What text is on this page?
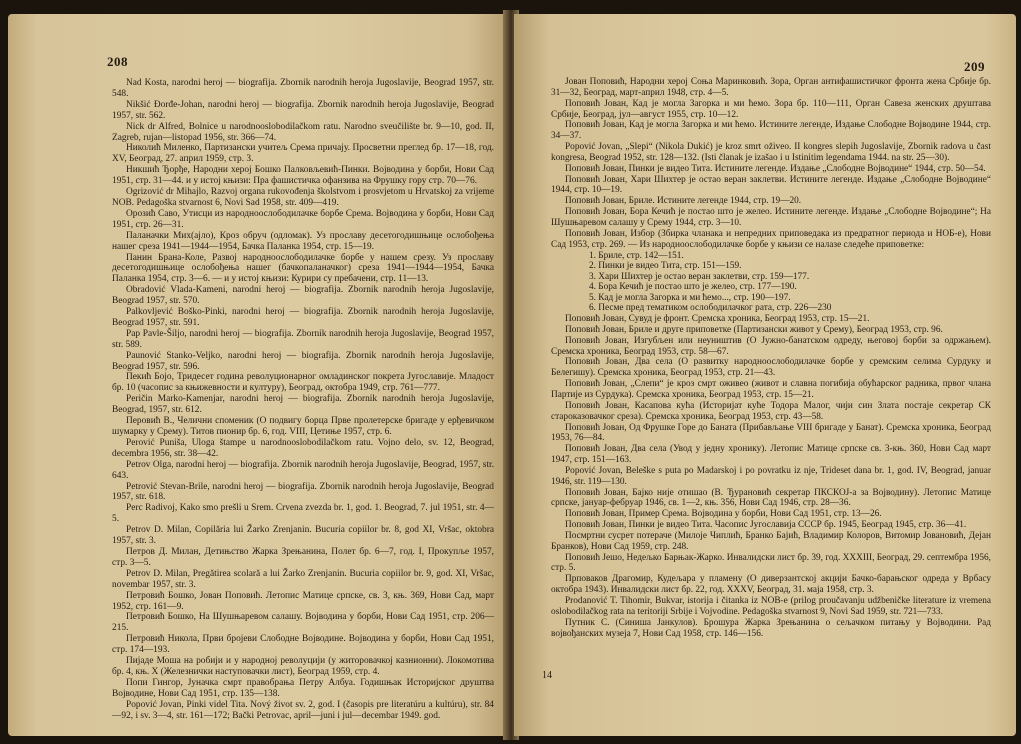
208

Nad Kosta, narodni heroj — biografija. Zbornik narodnih heroja Jugoslavije, Beograd 1957, str. 548.

Nikšić Đorđe-Johan, narodni heroj — biografija. Zbornik narodnih heroja Jugoslavije, Beograd 1957, str. 562.

Nick dr Alfred, Bolnice u narodnooslobodilačkom ratu. Narodno sveučilište br. 9—10, god. II, Zagreb, rujan—listopad 1956, str. 366—74.

Николић Миленко, Партизански учитељ Срема причају. Просветни преглед бр. 17—18, год. XV, Београд, 27. април 1959, стр. 3.

Никшић Ђорђе, Народни херој Бошко Палковљевић-Пинки. Војводина у борби, Нови Сад 1951, стр. 31—44. и у истој књизи: Пра фашистичка офанзива на Фрушку гору стр. 70—76.

Ogrizović dr Mihajlo, Razvoj organa rukovođenja školstvom i prosvjetom u Hrvatskoj za vrijeme NOB. Pedagoška stvarnost 6, Novi Sad 1958, str. 409—419.

Орозић Саво, Утисци из народноослободилачке борбе Срема. Војводина у борби, Нови Сад 1951, стр. 26—31.

Паланачки Мих(ајло), Кроз обруч (одломак). Уз прославу десетогодишњице ослобођења нашег среза 1941—1944—1954, Бачка Паланка 1954, стр. 15—19.

Панин Брана-Коле, Развој народноослободилачке борбе у нашем срезу. Уз прославу десетогодишњице ослобођења нашег (бачкопаланачког) среза 1941—1944—1954, Бачка Паланка 1954, стр. 3—6. — и у истој књизи: Курири су пребачени, стр. 11—13.

Obradović Vlada-Kameni, narodni heroj — biografija. Zbornik narodnih heroja Jugoslavije, Beograd 1957, str. 570.

Palkovljević Boško-Pinki, narodni heroj — biografija. Zbornik narodnih heroja Jugoslavije, Beograd 1957, str. 591.

Pap Pavle-Šiljo, narodni heroj — biografija. Zbornik narodnih heroja Jugoslavije, Beograd 1957, str. 589.

Paunović Stanko-Veljko, narodni heroj — biografija. Zbornik narodnih heroja Jugoslavije, Beograd 1957, str. 596.

Пекић Бојо, Тридесет година револуционарног омладинског покрета Југославије. Младост бр. 10 (часопис за књижевности и културу), Београд, октобра 1949, стр. 761—777.

Peričin Marko-Kamenjar, narodni heroj — biografija. Zbornik narodnih heroja Jugoslavije, Beograd, 1957, str. 612.

Перовић В., Челични споменик (О подвигу борца Прве пролетерске бригаде у ерђевичком шумарку у Срему). Титов пионир бр. 6, год. VIII, Цетиње 1957, стр. 6.

Perović Puniša, Uloga štampe u narodnooslobodilačkom ratu. Vojno delo, sv. 12, Beograd, decembra 1956, str. 38—42.

Petrov Olga, narodni heroj — biografija. Zbornik narodnih heroja Jugoslavije, Beograd, 1957, str. 643.

Petrović Stevan-Brile, narodni heroj — biografija. Zbornik narodnih heroja Jugoslavije, Beograd 1957, str. 618.

Perc Radivoj, Kako smo prešli u Srem. Crvena zvezda br. 1, god. 1. Beograd, 7. jul 1951, str. 4—5.

Petrov D. Milan, Copilăria lui Žarko Zrenjanin. Bucuria copiilor br. 8, god XI, Vršac, oktobra 1957, str. 3.

Петров Д. Милан, Детињство Жарка Зрењанина, Полет бр. 6—7, год. I, Прокупље 1957, стр. 3—5.

Petrov D. Milan, Pregătirea scolară a lui Žarko Zrenjanin. Bucuria copiilor br. 9, god. XI, Vršac, novembar 1957, str. 3.

Петровић Бошко, Јован Поповић. Летопис Матице српске, св. 3, књ. 369, Нови Сад, март 1952, стр. 161—9.

Петровић Бошко, На Шушњаревом салашу. Војводина у борби, Нови Сад 1951, стр. 206—215.

Петровић Никола, Први бројеви Слободне Војводине. Војводина у борби, Нови Сад 1951, стр. 174—193.

Пијаде Моша на робији и у народној револуцији (у житоровачкој казнионни). Локомотива бр. 4, књ. X (Железнички наступовачки лист), Београд 1959, стр. 4.

Попи Гингор, Јуначка смрт правобрања Петру Албуа. Годишњак Историјског друштва Војводине, Нови Сад 1951, стр. 135—138.

Popović Jovan, Pinki videl Tita. Nový život sv. 2, god. I (časopis pre literatúru a kultúru), str. 84—92, i sv. 3—4, str. 161—172; Bački Petrovac, april—juni i jul—decembar 1949. god.

209

Јован Поповић, Народни херој Соња Маринковић. Зора, Орган антифашистичког фронта жена Србије бр. 31—32, Београд, март-април 1948, стр. 4—5.

Поповић Јован, Кад је могла Загорка и ми ћемо. Зора бр. 110—111, Орган Савеза женских друштава Србије, Београд, јул—август 1955, стр. 10—12.

Поповић Јован, Кад је могла Загорка и ми ћемо. Истините легенде, Издање Слободне Војводине 1944, стр. 34—37.

Popović Jovan, „Slepi“ (Nikola Dukić) je kroz smrt oživeo. II kongres slepih Jugoslavije, Zbornik radova u čast kongresa, Beograd 1952, str. 128—132. (Isti članak je izašao i u Istinitim legendama 1944. na str. 25—30).

Поповић Јован, Пинки је видео Тита. Истините легенде. Издање „Слободне Војводине“ 1944, стр. 50—54.

Поповић Јован, Хари Шихтер је остао веран заклетви. Истините легенде. Издање „Слободне Војводине“ 1944, стр. 10—19.

Поповић Јован, Бриле. Истините легенде 1944, стр. 19—20.

Поповић Јован, Бора Кечић је постао што је желео. Истините легенде. Издање „Слободне Војводине“; На Шушњаревом салашу у Срему 1944, стр. 3—10.

Поповић Јован, Избор (Збирка чланака и непредних приповедака из предратног периода и НОБ-е), Нови Сад 1953, стр. 269. — Из народноослободилачке борбе у књизи се налазе следеће приповетке:

1. Бриле, стр. 142—151.

2. Пинки је видео Тита, стр. 151—159.

3. Хари Шихтер је остао веран заклетви, стр. 159—177.

4. Бора Кечић је постао што је желео, стр. 177—190.

5. Кад је могла Загорка и ми ћемо..., стр. 190—197.

6. Песме пред тематиком ослободилачког рата, стр. 226—230

Поповић Јован, Сувуд је фронт. Сремска хроника, Београд 1953, стр. 15—21.

Поповић Јован, Бриле и друге приповетке (Партизански живот у Срему), Београд 1953, стр. 96.

Поповић Јован, Изгубљен или неуништив (О Јужно-банатском одреду, његовој борби за одржањем). Сремска хроника, Београд 1953, стр. 58—67.

Поповић Јован, Два села (О развитку народноослободилачке борбе у сремским селима Сурдуку и Белегишу). Сремска хроника, Београд 1953, стр. 21—43.

Поповић Јован, „Слепи“ је кроз смрт оживео (живот и славна погибија обућарског радника, првог члана Партије из Сурдука). Сремска хроника, Београд 1953, стр. 15—21.

Поповић Јован, Касапова кућа (Историјат куће Тодора Малог, чији син Злата постаје секретар СК староказовачког среза). Сремска хроника, Београд 1953, стр. 43—58.

Поповић Јован, Од Фрушке Горе до Баната (Прибављање VIII бригаде у Банат). Сремска хроника, Београд 1953, 76—84.

Поповић Јован, Два села (Увод у једну хронику). Летопис Матице српске св. 3-књ. 360, Нови Сад март 1947, стр. 151—163.

Popović Jovan, Beleške s puta po Madarskoj i po povratku iz nje, Trideset dana br. 1, god. IV, Beograd, januar 1946, str. 119—130.

Поповић Јован, Бајко није отишао (В. Ђурановић секретар ПКСКОЈ-а за Војводину). Летопис Матице српске, јануар-фебруар 1946, св. 1—2, књ. 356, Нови Сад 1946, стр. 28—36.

Поповић Јован, Пример Срема. Војводина у борби, Нови Сад 1951, стр. 13—26.

Поповић Јован, Пинки је видео Тита. Часопис Југославија СССР бр. 1945, Београд 1945, стр. 36—41.

Посмртни сусрет потераче (Милоје Чиплић, Бранко Бајић, Владимир Колоров, Витомир Јовановић, Дејан Бранков), Нови Сад 1959, стр. 248.

Поповић Јешо, Недељко Барњак-Жарко. Инвалидски лист бр. 39, год. XXXIII, Београд, 29. септембра 1956, стр. 5.

Прповаков Драгомир, Кудељара у пламену (О диверзантској акцији Бачко-барањског одреда у Врбасу октобра 1943). Инвалидски лист бр. 22, год. XXXV, Београд, 31. маја 1958, стр. 3.

Prodanović T. Tihomir, Bukvar, istorija i čitanka iz NOB-e (prilog proučavanju udžbeničke literature iz vremena oslobodilačkog rata na teritoriji Srbije i Vojvodine. Pedagoška stvarnost 9, Novi Sad 1959, str. 721—733.

Путник С. (Синиша Јанкулов). Брошура Жарка Зрењанина о сељачком питању у Војводини. Рад војвођанских музеја 7, Нови Сад 1958, стр. 146—156.

14
